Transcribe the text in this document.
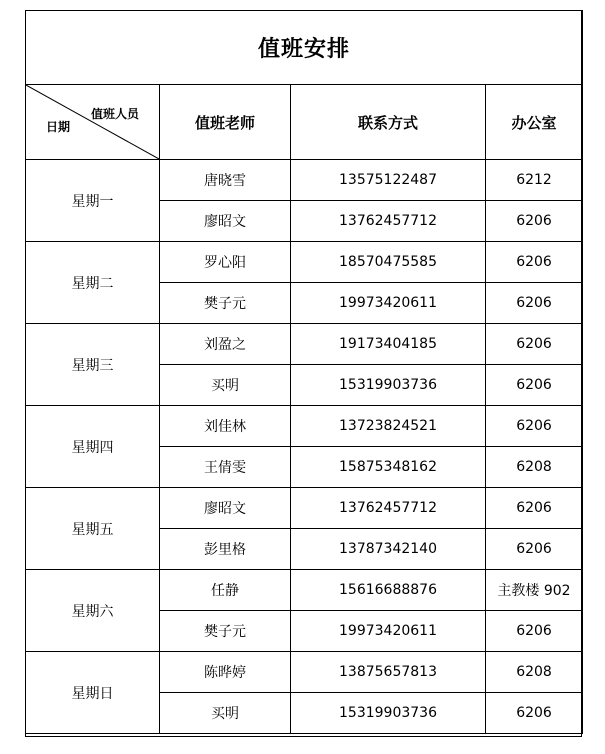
值班安排			

值班人员
日期	值班老师	联系方式	办公室
星期一	唐晓雪	13575122487	6212
	廖昭文	13762457712	6206
星期二	罗心阳	18570475585	6206
	樊子元	19973420611	6206
星期三	刘盈之	19173404185	6206
	买明	15319903736	6206
星期四	刘佳林	13723824521	6206
	王倩雯	15875348162	6208
星期五	廖昭文	13762457712	6206
	彭里格	13787342140	6206
星期六	任静	15616688876	主教楼 902
	樊子元	19973420611	6206
星期日	陈晔婷	13875657813	6208
	买明	15319903736	6206
